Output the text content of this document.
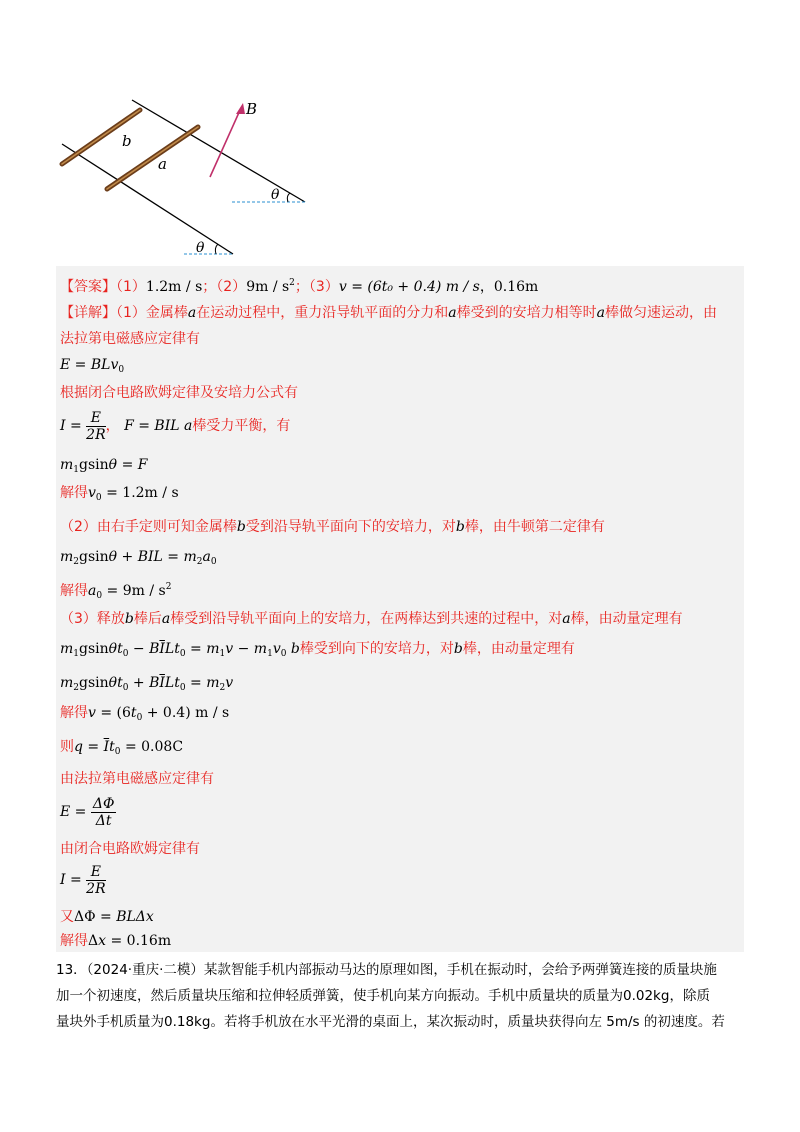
b
a
B
θ
θ
【答案】（1）1.2m / s；$(2)9m / s^2$；（3）v = (6t₀ + 0.4) m / s，0.16m
【详解】（1）金属棒a在运动过程中，重力沿导轨平面的分力和a棒受到的安培力相等时a棒做匀速运动，由
法拉第电磁感应定律有
E = BLv$_0$
根据闭合电路欧姆定律及安培力公式有
$I = \frac{E}{2R}$ ， F = BIL a棒受力平衡，有
$m_1gsin\theta = F$
解得$v_0 = 1.2m / s$
（2）由右手定则可知金属棒b受到沿导轨平面向下的安培力，对b棒，由牛顿第二定律有
$m_2gsin\theta$ + BIL = $m_2a_0$
解得$a_0 = 9m / s^2$
（3）释放b棒后a棒受到沿导轨平面向上的安培力，在两棒达到共速的过程中，对a棒，由动量定理有
$m_1gsin\theta t_0 - B\overline{I}Lt_0 = m_1v - m_1v_0$ b棒受到向下的安培力，对b棒，由动量定理有
$m_2gsin\theta t_0 + B\overline{I}Lt_0 = m_2v$
解得$v = (6t_0 + 0.4)$ m / s
则$q = \overline{I}t_0 = 0.08C$
由法拉第电磁感应定律有
$E = \frac{\Delta\Phi}{\Delta t}$
由闭合电路欧姆定律有
$I = \frac{E}{2R}$
又ΔΦ = BLΔx
解得Δx = 0.16m
13．（2024·重庆·二模）某款智能手机内部振动马达的原理如图，手机在振动时，会给予两弹簧连接的质量块施
加一个初速度，然后质量块压缩和拉伸轻质弹簧，使手机向某方向振动。手机中质量块的质量为0.02kg，除质
量块外手机质量为0.18kg。若将手机放在水平光滑的桌面上，某次振动时，质量块获得向左 5m/s 的初速度。若
